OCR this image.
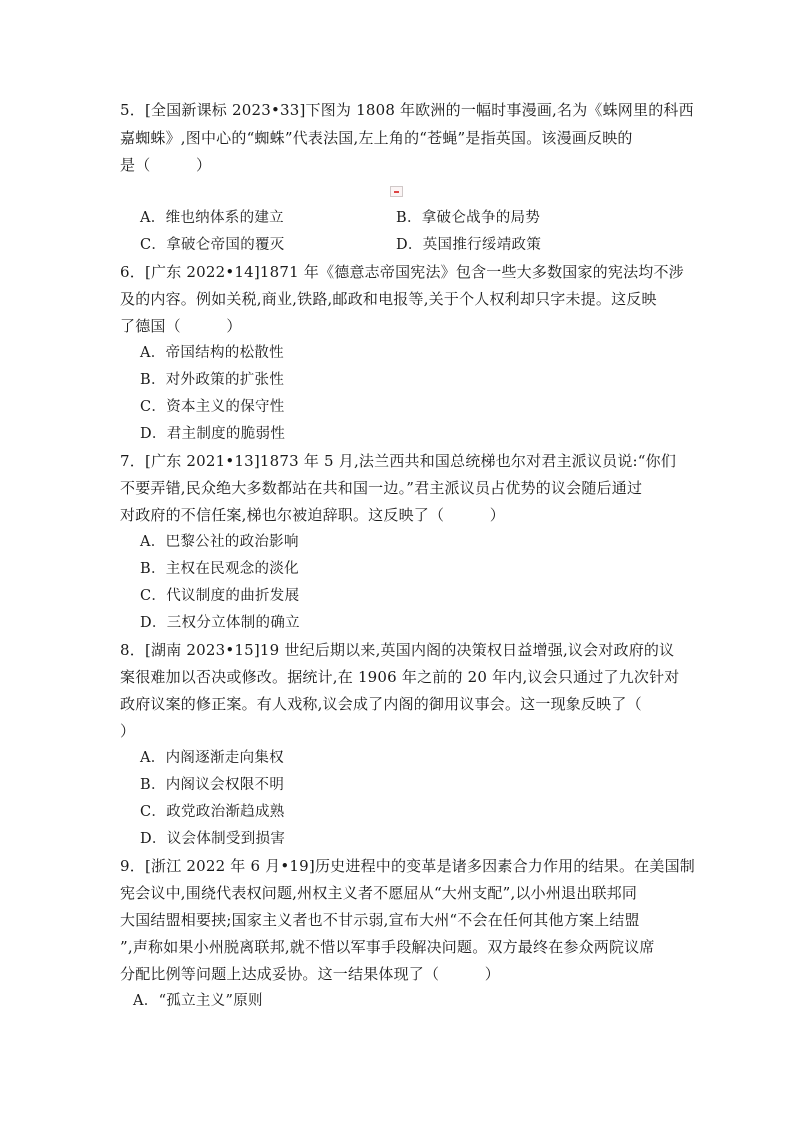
5．[全国新课标 2023•33]下图为 1808 年欧洲的一幅时事漫画,名为《蛛网里的科西
嘉蜘蛛》,图中心的“蜘蛛”代表法国,左上角的“苍蝇”是指英国。该漫画反映的
是（　　　）
A．维也纳体系的建立	B．拿破仑战争的局势
C．拿破仑帝国的覆灭	D．英国推行绥靖政策
6．[广东 2022•14]1871 年《德意志帝国宪法》包含一些大多数国家的宪法均不涉
及的内容。例如关税,商业,铁路,邮政和电报等,关于个人权利却只字未提。这反映
了德国（　　　）
A．帝国结构的松散性
B．对外政策的扩张性
C．资本主义的保守性
D．君主制度的脆弱性
7．[广东 2021•13]1873 年 5 月,法兰西共和国总统梯也尔对君主派议员说:“你们
不要弄错,民众绝大多数都站在共和国一边。”君主派议员占优势的议会随后通过
对政府的不信任案,梯也尔被迫辞职。这反映了（　　　）
A．巴黎公社的政治影响
B．主权在民观念的淡化
C．代议制度的曲折发展
D．三权分立体制的确立
8．[湖南 2023•15]19 世纪后期以来,英国内阁的决策权日益增强,议会对政府的议
案很难加以否决或修改。据统计,在 1906 年之前的 20 年内,议会只通过了九次针对
政府议案的修正案。有人戏称,议会成了内阁的御用议事会。这一现象反映了（
）
A．内阁逐渐走向集权
B．内阁议会权限不明
C．政党政治渐趋成熟
D．议会体制受到损害
9．[浙江 2022 年 6 月•19]历史进程中的变革是诸多因素合力作用的结果。在美国制
宪会议中,围绕代表权问题,州权主义者不愿屈从“大州支配”,以小州退出联邦同
大国结盟相要挟;国家主义者也不甘示弱,宣布大州“不会在任何其他方案上结盟
”,声称如果小州脱离联邦,就不惜以军事手段解决问题。双方最终在参众两院议席
分配比例等问题上达成妥协。这一结果体现了（　　　）
A．“孤立主义”原则
